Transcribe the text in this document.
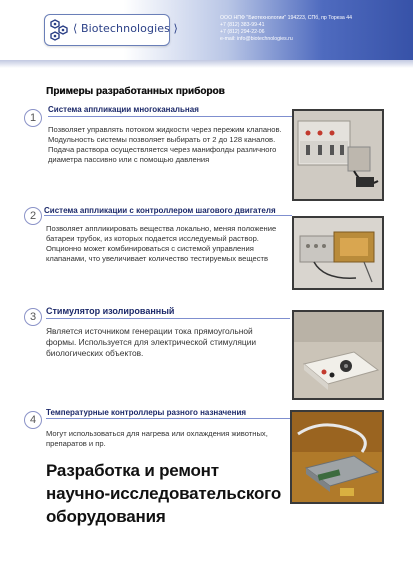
⟨ Biotechnologies ⟩
ООО НПФ "Биотехнологии" 194223, СПб, пр Тореза 44
+7 (812) 383-99-41
+7 (812) 294-22-06
e-mail: info@biotechnologies.ru
Примеры разработанных приборов
1
Система аппликации многоканальная
Позволяет управлять потоком жидкости через пережим клапанов. Модульность системы позволяет выбирать от 2 до 128 каналов. Подача раствора осуществляется через манифолды различного диаметра пассивно или с помощью давления
2 Система аппликации с контроллером шагового двигателя
Позволяет аппликировать вещества локально, меняя положение батареи трубок, из которых подается исследуемый раствор. Опционно может комбинироваться с системой управления клапанами, что увеличивает количество тестируемых веществ
3	Стимулятор изолированный
Является источником генерации тока прямоугольной формы. Используется для электрической стимуляции биологических объектов.
4
Температурные контроллеры разного назначения
Могут использоваться для нагрева или охлаждения животных, препаратов и пр.
Разработка и ремонт
научно-исследовательского
оборудования
